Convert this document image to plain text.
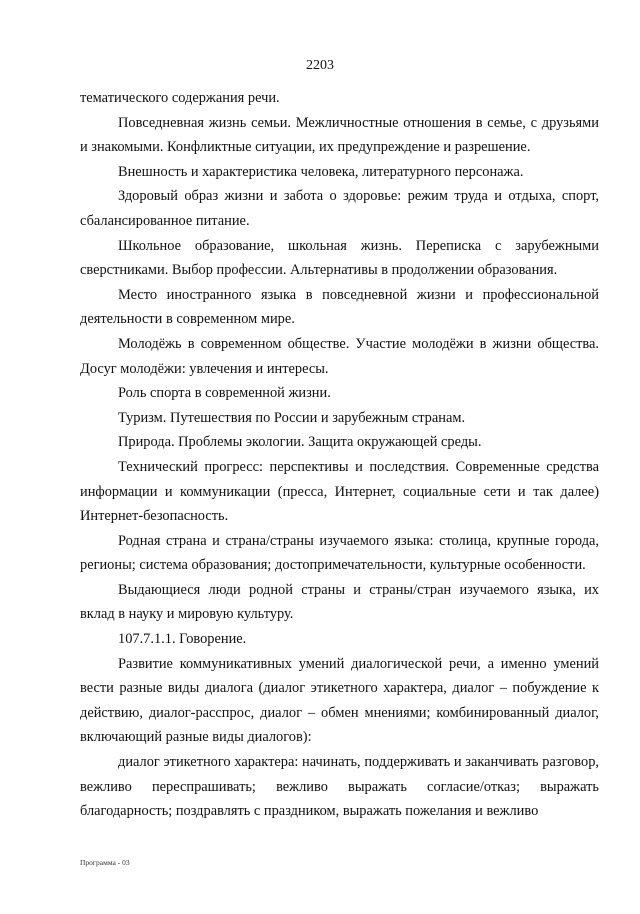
2203

тематического содержания речи.

Повседневная жизнь семьи. Межличностные отношения в семье, с друзьями и знакомыми. Конфликтные ситуации, их предупреждение и разрешение.

Внешность и характеристика человека, литературного персонажа.

Здоровый образ жизни и забота о здоровье: режим труда и отдыха, спорт, сбалансированное питание.

Школьное образование, школьная жизнь. Переписка с зарубежными сверстниками. Выбор профессии. Альтернативы в продолжении образования.

Место иностранного языка в повседневной жизни и профессиональной деятельности в современном мире.

Молодёжь в современном обществе. Участие молодёжи в жизни общества. Досуг молодёжи: увлечения и интересы.

Роль спорта в современной жизни.

Туризм. Путешествия по России и зарубежным странам.

Природа. Проблемы экологии. Защита окружающей среды.

Технический прогресс: перспективы и последствия. Современные средства информации и коммуникации (пресса, Интернет, социальные сети и так далее) Интернет-безопасность.

Родная страна и страна/страны изучаемого языка: столица, крупные города, регионы; система образования; достопримечательности, культурные особенности.

Выдающиеся люди родной страны и страны/стран изучаемого языка, их вклад в науку и мировую культуру.

107.7.1.1. Говорение.

Развитие коммуникативных умений диалогической речи, а именно умений вести разные виды диалога (диалог этикетного характера, диалог – побуждение к действию, диалог-расспрос, диалог – обмен мнениями; комбинированный диалог, включающий разные виды диалогов):

диалог этикетного характера: начинать, поддерживать и заканчивать разговор, вежливо переспрашивать; вежливо выражать согласие/отказ; выражать благодарность; поздравлять с праздником, выражать пожелания и вежливо

Программа - 03
